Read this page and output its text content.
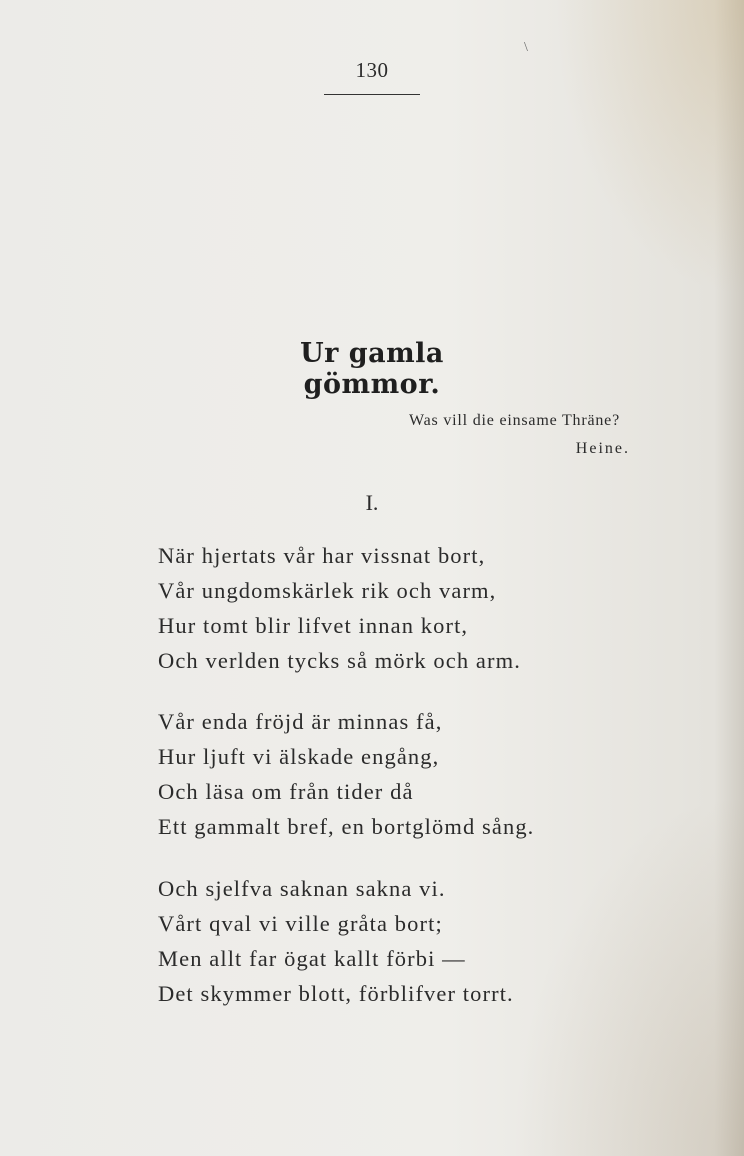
130
\
Ur gamla gömmor.
Was vill die einsame Thräne?
Heine.
I.
När hjertats vår har vissnat bort,
Vår ungdomskärlek rik och varm,
Hur tomt blir lifvet innan kort,
Och verlden tycks så mörk och arm.
Vår enda fröjd är minnas få,
Hur ljuft vi älskade engång,
Och läsa om från tider då
Ett gammalt bref, en bortglömd sång.
Och sjelfva saknan sakna vi.
Vårt qval vi ville gråta bort;
Men allt far ögat kallt förbi —
Det skymmer blott, förblifver torrt.
